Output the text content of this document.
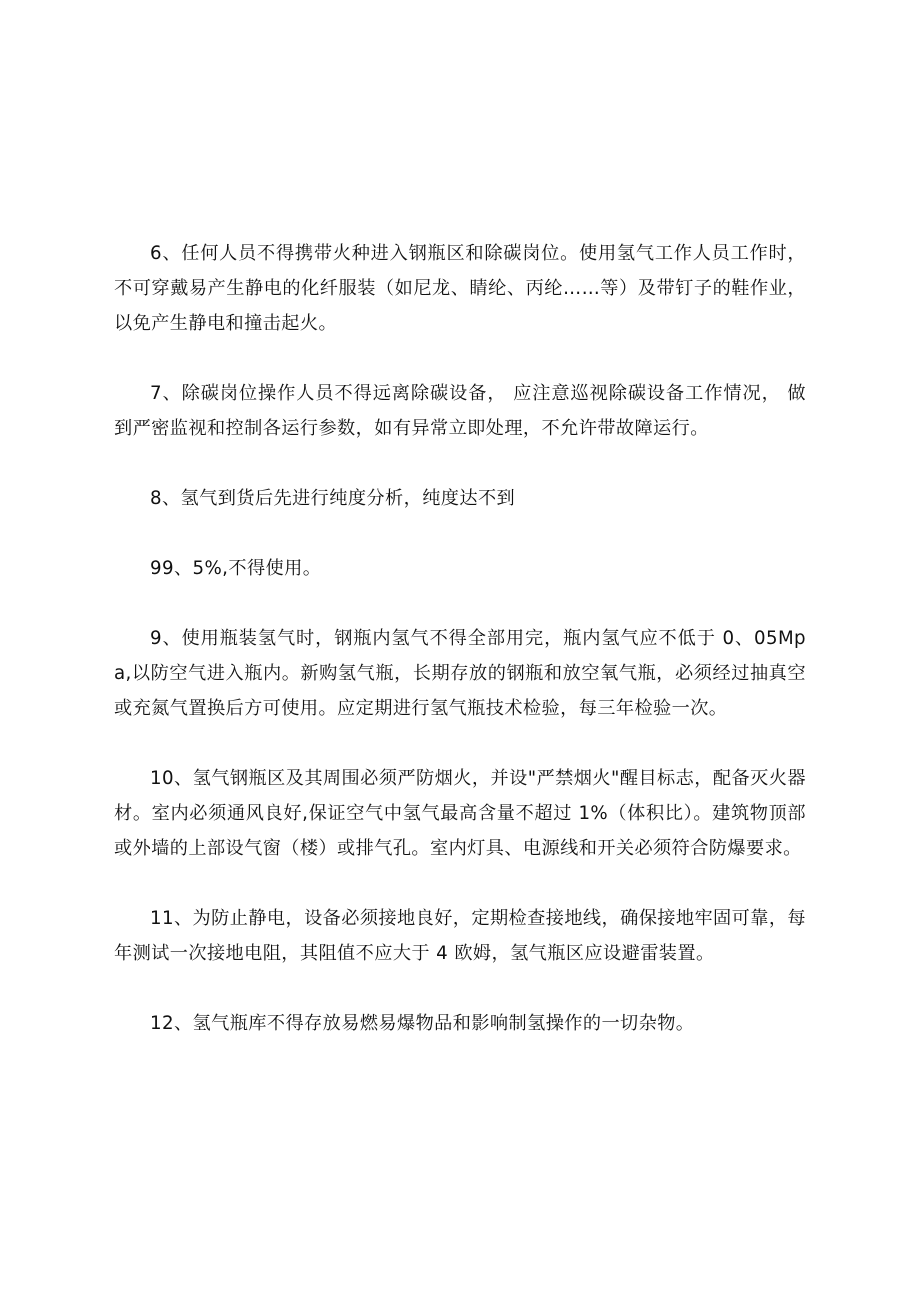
6、任何人员不得携带火种进入钢瓶区和除碳岗位。使用氢气工作人员工作时，不可穿戴易产生静电的化纤服装（如尼龙、睛纶、丙纶……等）及带钉子的鞋作业，以免产生静电和撞击起火。

7、除碳岗位操作人员不得远离除碳设备， 应注意巡视除碳设备工作情况， 做到严密监视和控制各运行参数，如有异常立即处理，不允许带故障运行。

8、氢气到货后先进行纯度分析，纯度达不到

99、5%,不得使用。

9、使用瓶装氢气时，钢瓶内氢气不得全部用完，瓶内氢气应不低于 0、05Mpa,以防空气进入瓶内。新购氢气瓶，长期存放的钢瓶和放空氧气瓶，必须经过抽真空或充氮气置换后方可使用。应定期进行氢气瓶技术检验，每三年检验一次。

10、氢气钢瓶区及其周围必须严防烟火，并设"严禁烟火"醒目标志，配备灭火器材。室内必须通风良好,保证空气中氢气最高含量不超过 1%（体积比）。建筑物顶部或外墙的上部设气窗（楼）或排气孔。室内灯具、电源线和开关必须符合防爆要求。

11、为防止静电，设备必须接地良好，定期检查接地线，确保接地牢固可靠，每年测试一次接地电阻，其阻值不应大于 4 欧姆，氢气瓶区应设避雷装置。

12、氢气瓶库不得存放易燃易爆物品和影响制氢操作的一切杂物。
